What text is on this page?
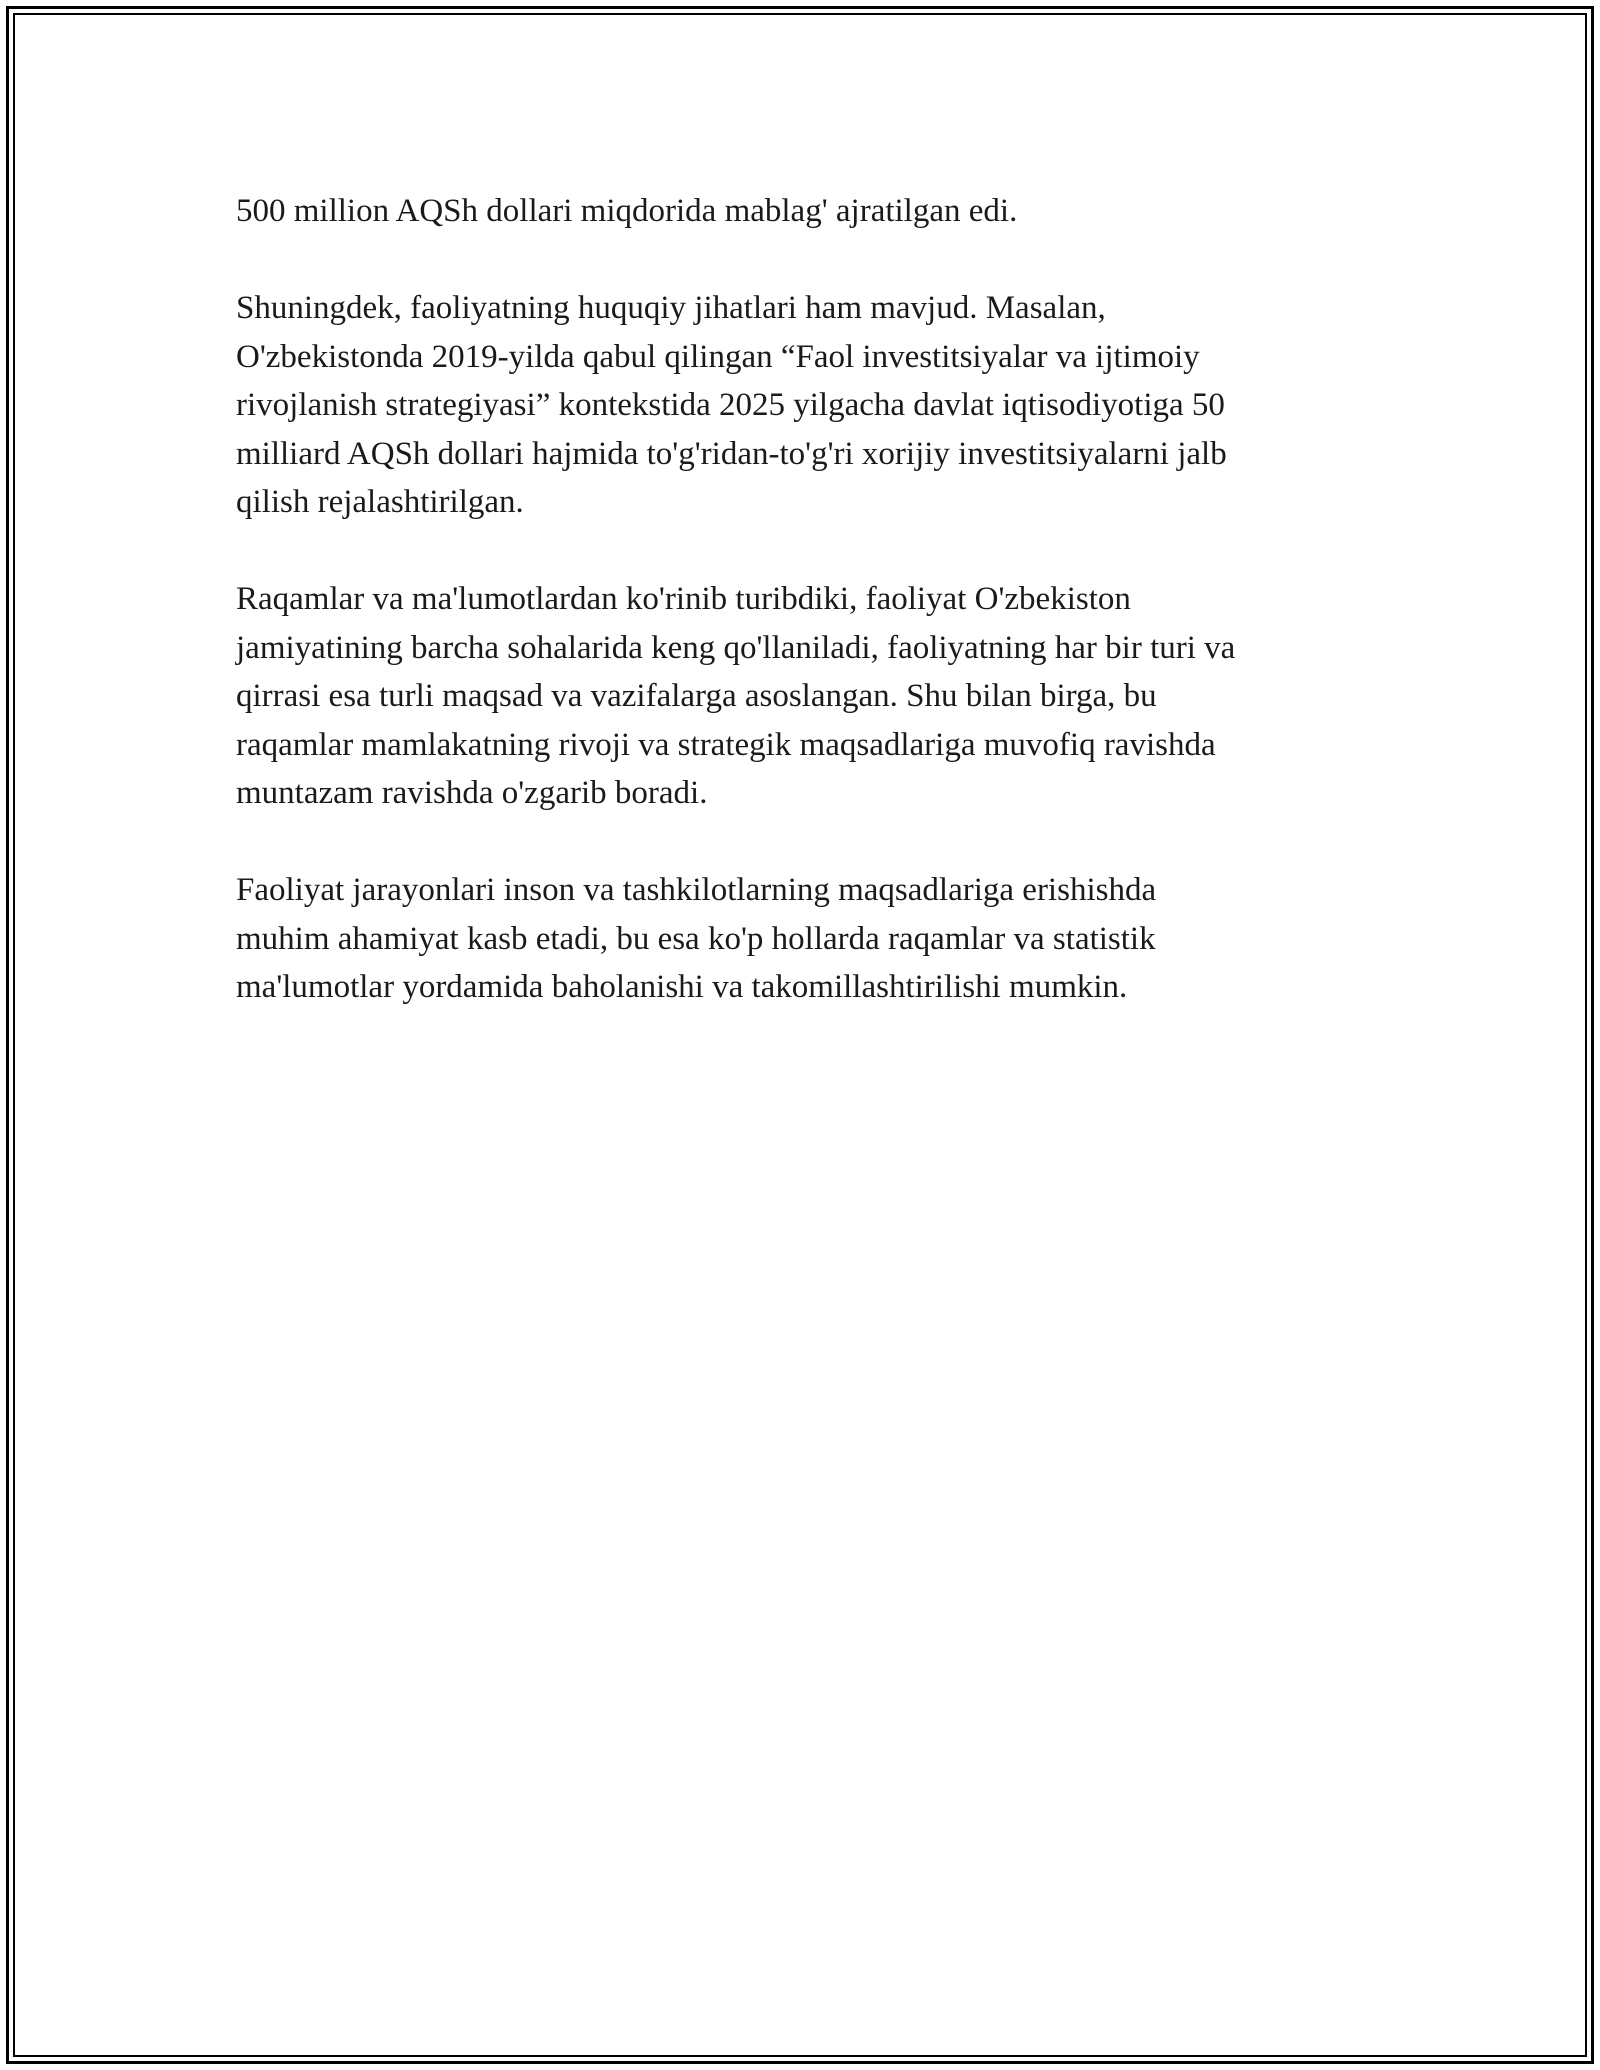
500 million AQSh dollari miqdorida mablag' ajratilgan edi.

Shuningdek, faoliyatning huquqiy jihatlari ham mavjud. Masalan,
O'zbekistonda 2019-yilda qabul qilingan “Faol investitsiyalar va ijtimoiy
rivojlanish strategiyasi” kontekstida 2025 yilgacha davlat iqtisodiyotiga 50
milliard AQSh dollari hajmida to'g'ridan-to'g'ri xorijiy investitsiyalarni jalb
qilish rejalashtirilgan.

Raqamlar va ma'lumotlardan ko'rinib turibdiki, faoliyat O'zbekiston
jamiyatining barcha sohalarida keng qo'llaniladi, faoliyatning har bir turi va
qirrasi esa turli maqsad va vazifalarga asoslangan. Shu bilan birga, bu
raqamlar mamlakatning rivoji va strategik maqsadlariga muvofiq ravishda
muntazam ravishda o'zgarib boradi.

Faoliyat jarayonlari inson va tashkilotlarning maqsadlariga erishishda
muhim ahamiyat kasb etadi, bu esa ko'p hollarda raqamlar va statistik
ma'lumotlar yordamida baholanishi va takomillashtirilishi mumkin.
